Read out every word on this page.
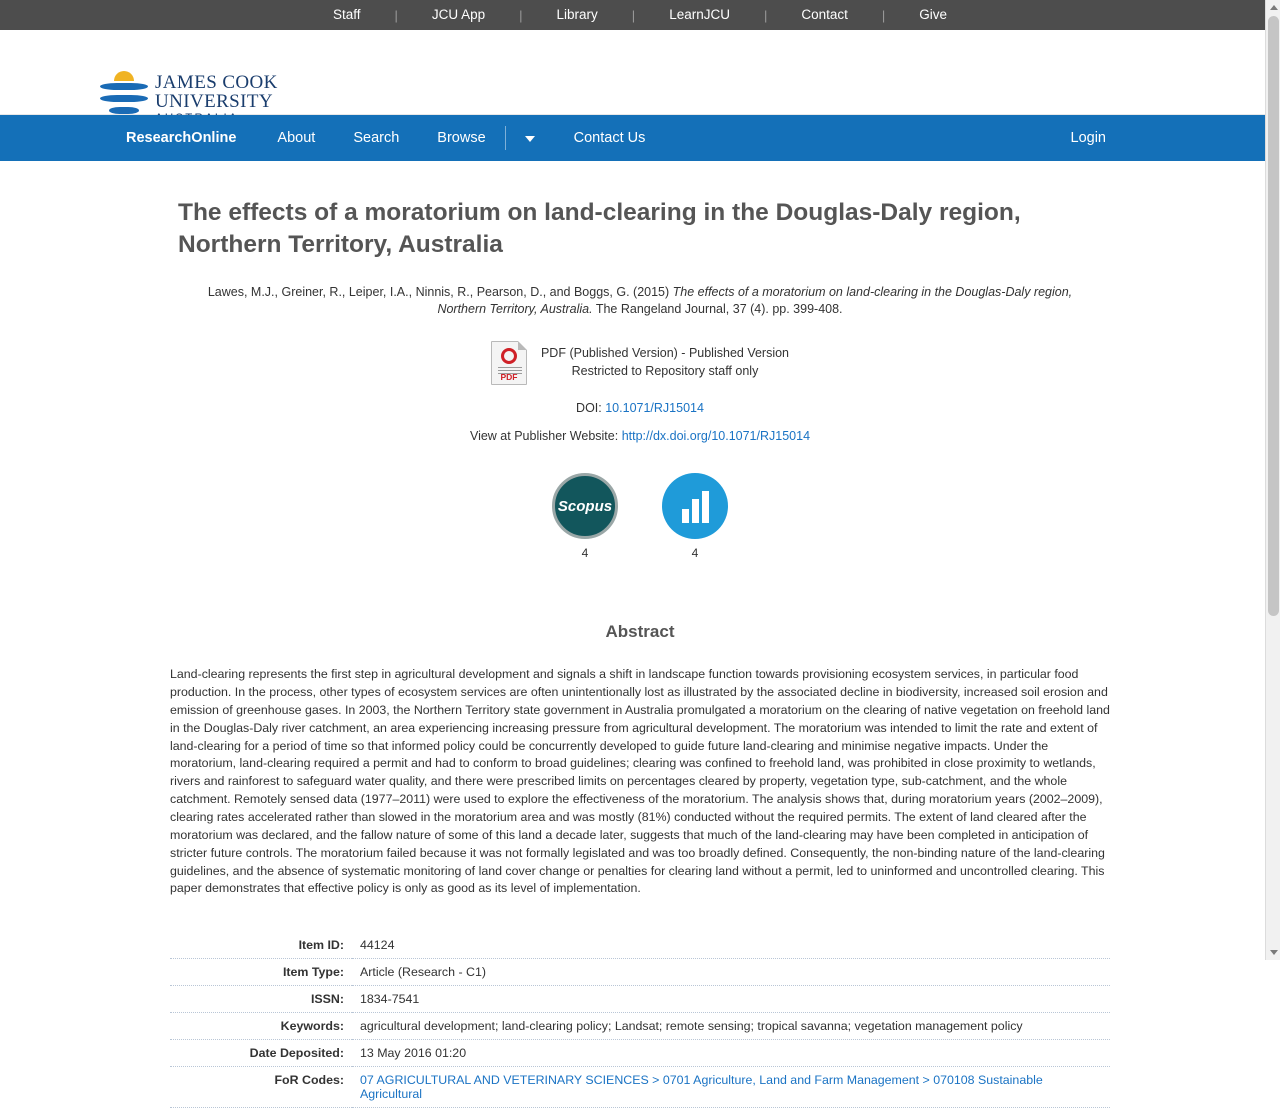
Staff	|	JCU App	|	Library	|	LearnJCU	|	Contact	|	Give
JAMES COOK
UNIVERSITY
ResearchOnline	About	Search	Browse	Contact Us	Login
The effects of a moratorium on land-clearing in the Douglas-Daly region, Northern Territory, Australia
Lawes, M.J., Greiner, R., Leiper, I.A., Ninnis, R., Pearson, D., and Boggs, G. (2015) The effects of a moratorium on land-clearing in the Douglas-Daly region, Northern Territory, Australia. The Rangeland Journal, 37 (4). pp. 399-408.
PDF
PDF (Published Version) - Published Version
Restricted to Repository staff only
DOI: 10.1071/RJ15014
View at Publisher Website: http://dx.doi.org/10.1071/RJ15014
Scopus
4	4
Abstract

Land-clearing represents the first step in agricultural development and signals a shift in landscape function towards provisioning ecosystem services, in particular food production. In the process, other types of ecosystem services are often unintentionally lost as illustrated by the associated decline in biodiversity, increased soil erosion and emission of greenhouse gases. In 2003, the Northern Territory state government in Australia promulgated a moratorium on the clearing of native vegetation on freehold land in the Douglas-Daly river catchment, an area experiencing increasing pressure from agricultural development. The moratorium was intended to limit the rate and extent of land-clearing for a period of time so that informed policy could be concurrently developed to guide future land-clearing and minimise negative impacts. Under the moratorium, land-clearing required a permit and had to conform to broad guidelines; clearing was confined to freehold land, was prohibited in close proximity to wetlands, rivers and rainforest to safeguard water quality, and there were prescribed limits on percentages cleared by property, vegetation type, sub-catchment, and the whole catchment. Remotely sensed data (1977–2011) were used to explore the effectiveness of the moratorium. The analysis shows that, during moratorium years (2002–2009), clearing rates accelerated rather than slowed in the moratorium area and was mostly (81%) conducted without the required permits. The extent of land cleared after the moratorium was declared, and the fallow nature of some of this land a decade later, suggests that much of the land-clearing may have been completed in anticipation of stricter future controls. The moratorium failed because it was not formally legislated and was too broadly defined. Consequently, the non-binding nature of the land-clearing guidelines, and the absence of systematic monitoring of land cover change or penalties for clearing land without a permit, led to uninformed and uncontrolled clearing. This paper demonstrates that effective policy is only as good as its level of implementation.

Item ID:	44124
Item Type:	Article (Research - C1)
ISSN:	1834-7541
Keywords:	agricultural development; land-clearing policy; Landsat; remote sensing; tropical savanna; vegetation management policy
Date Deposited:	13 May 2016 01:20
FoR Codes:	07 AGRICULTURAL AND VETERINARY SCIENCES > 0701 Agriculture, Land and Farm Management > 070108 Sustainable Agricultural
